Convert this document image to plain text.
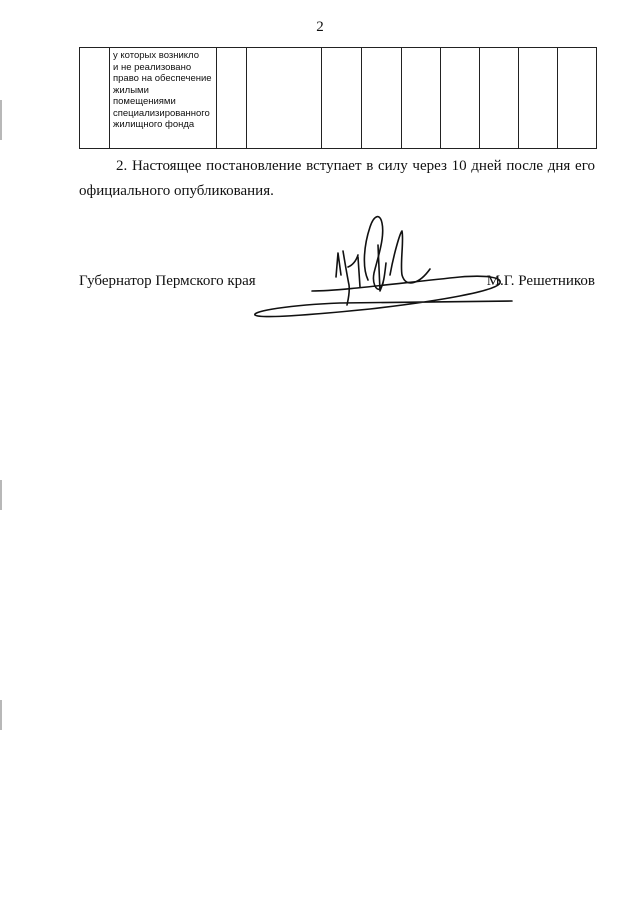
2
	у которых возникло
и не реализовано
право на обеспечение
жилыми
помещениями
специализированного
жилищного фонда									

2. Настоящее постановление вступает в силу через 10 дней после дня его официального опубликования.

Губернатор Пермского края	М.Г. Решетников
